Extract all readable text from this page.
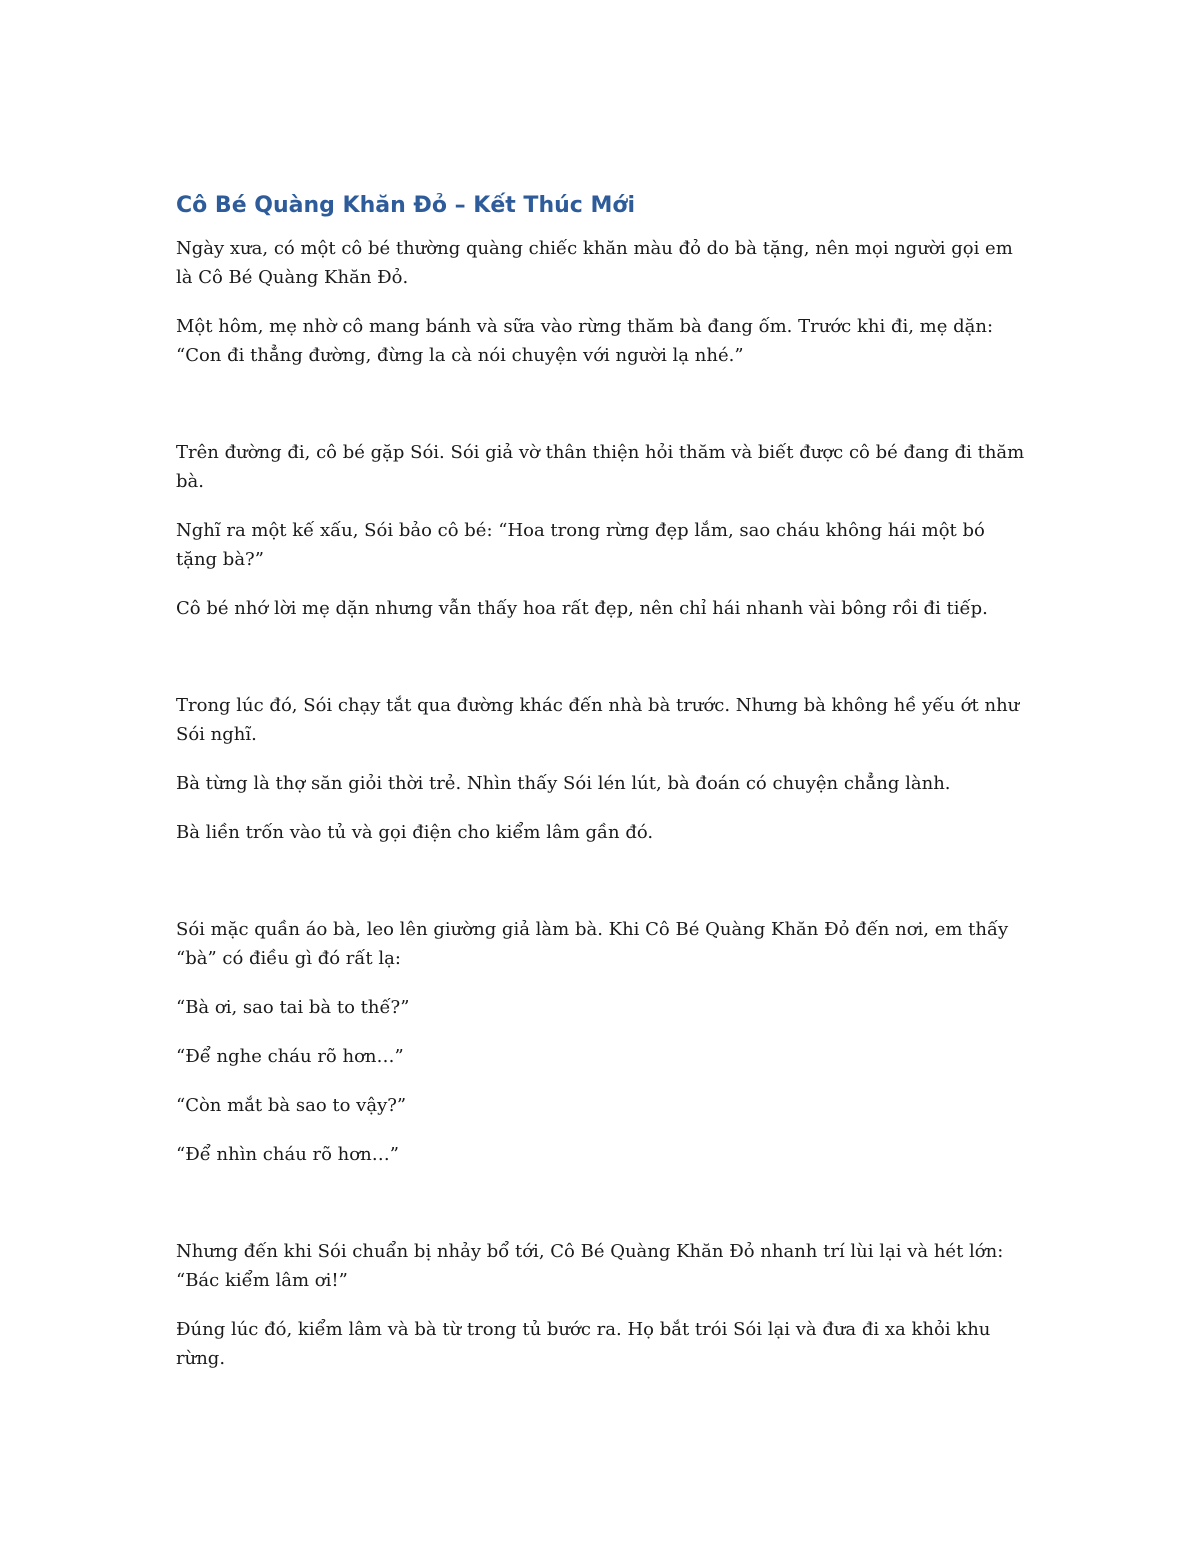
Cô Bé Quàng Khăn Đỏ – Kết Thúc Mới

Ngày xưa, có một cô bé thường quàng chiếc khăn màu đỏ do bà tặng, nên mọi người gọi em là Cô Bé Quàng Khăn Đỏ.

Một hôm, mẹ nhờ cô mang bánh và sữa vào rừng thăm bà đang ốm. Trước khi đi, mẹ dặn: “Con đi thẳng đường, đừng la cà nói chuyện với người lạ nhé.”

Trên đường đi, cô bé gặp Sói. Sói giả vờ thân thiện hỏi thăm và biết được cô bé đang đi thăm bà.

Nghĩ ra một kế xấu, Sói bảo cô bé: “Hoa trong rừng đẹp lắm, sao cháu không hái một bó tặng bà?”

Cô bé nhớ lời mẹ dặn nhưng vẫn thấy hoa rất đẹp, nên chỉ hái nhanh vài bông rồi đi tiếp.

Trong lúc đó, Sói chạy tắt qua đường khác đến nhà bà trước. Nhưng bà không hề yếu ớt như Sói nghĩ.

Bà từng là thợ săn giỏi thời trẻ. Nhìn thấy Sói lén lút, bà đoán có chuyện chẳng lành.

Bà liền trốn vào tủ và gọi điện cho kiểm lâm gần đó.

Sói mặc quần áo bà, leo lên giường giả làm bà. Khi Cô Bé Quàng Khăn Đỏ đến nơi, em thấy “bà” có điều gì đó rất lạ:

“Bà ơi, sao tai bà to thế?”

“Để nghe cháu rõ hơn…”

“Còn mắt bà sao to vậy?”

“Để nhìn cháu rõ hơn…”

Nhưng đến khi Sói chuẩn bị nhảy bổ tới, Cô Bé Quàng Khăn Đỏ nhanh trí lùi lại và hét lớn: “Bác kiểm lâm ơi!”

Đúng lúc đó, kiểm lâm và bà từ trong tủ bước ra. Họ bắt trói Sói lại và đưa đi xa khỏi khu rừng.
